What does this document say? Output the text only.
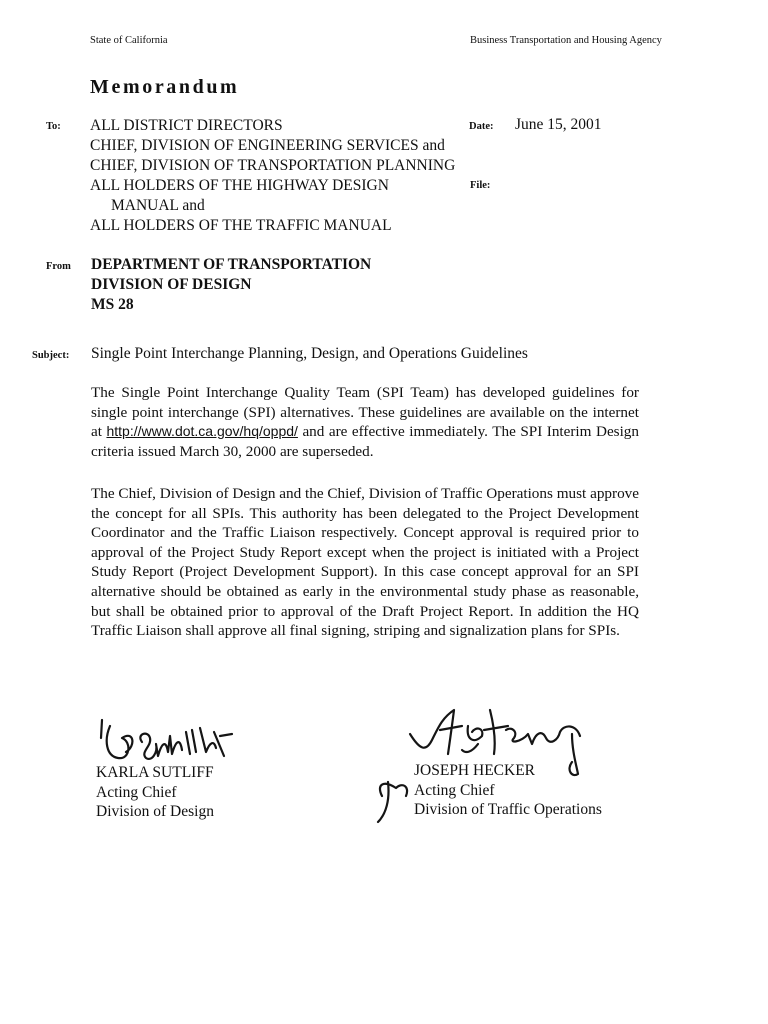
State of California	Business Transportation and Housing Agency
Memorandum
To: ALL DISTRICT DIRECTORS
CHIEF, DIVISION OF ENGINEERING SERVICES and
CHIEF, DIVISION OF TRANSPORTATION PLANNING
ALL HOLDERS OF THE HIGHWAY DESIGN
MANUAL and
ALL HOLDERS OF THE TRAFFIC MANUAL
Date: June 15, 2001
File:
From DEPARTMENT OF TRANSPORTATION
DIVISION OF DESIGN
MS 28
Subject: Single Point Interchange Planning, Design, and Operations Guidelines
The Single Point Interchange Quality Team (SPI Team) has developed guidelines for single point interchange (SPI) alternatives. These guidelines are available on the internet at http://www.dot.ca.gov/hq/oppd/ and are effective immediately. The SPI Interim Design criteria issued March 30, 2000 are superseded.
The Chief, Division of Design and the Chief, Division of Traffic Operations must approve the concept for all SPIs. This authority has been delegated to the Project Development Coordinator and the Traffic Liaison respectively. Concept approval is required prior to approval of the Project Study Report except when the project is initiated with a Project Study Report (Project Development Support). In this case concept approval for an SPI alternative should be obtained as early in the environmental study phase as reasonable, but shall be obtained prior to approval of the Draft Project Report. In addition the HQ Traffic Liaison shall approve all final signing, striping and signalization plans for SPIs.
KARLA SUTLIFF
Acting Chief
Division of Design
JOSEPH HECKER
Acting Chief
Division of Traffic Operations
